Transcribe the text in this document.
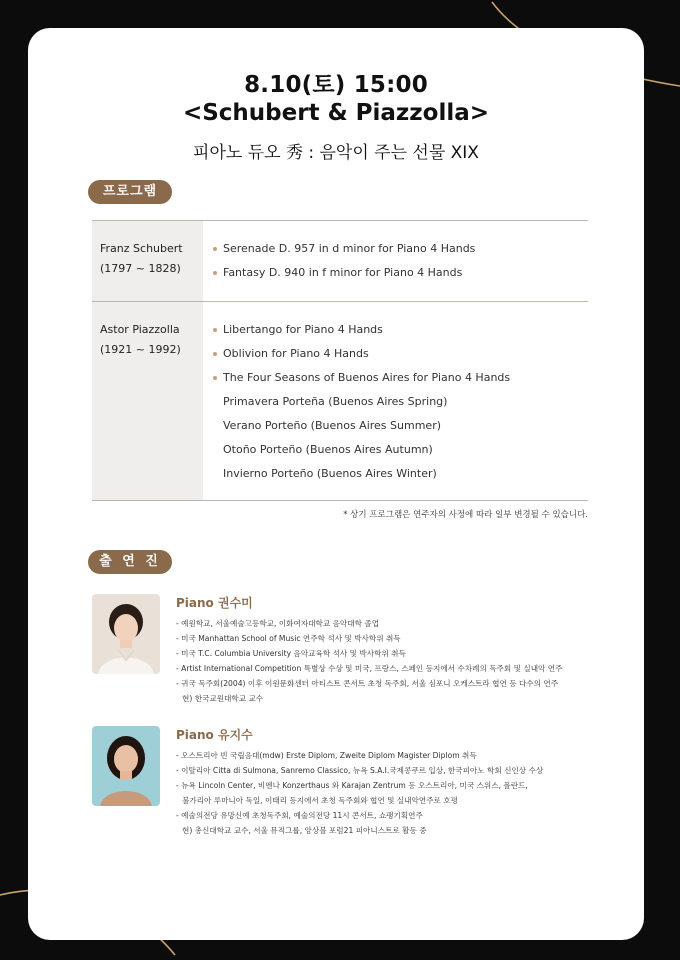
8.10(토) 15:00
<Schubert & Piazzolla>
피아노 듀오 秀 : 음악이 주는 선물 XIX
프로그램
Franz Schubert
(1797 ~ 1828)
Serenade D. 957 in d minor for Piano 4 Hands
Fantasy D. 940 in f minor for Piano 4 Hands
Astor Piazzolla
(1921 ~ 1992)
Libertango for Piano 4 Hands
Oblivion for Piano 4 Hands
The Four Seasons of Buenos Aires for Piano 4 Hands
Primavera Porteña (Buenos Aires Spring)
Verano Porteño (Buenos Aires Summer)
Otoño Porteño (Buenos Aires Autumn)
Invierno Porteño (Buenos Aires Winter)
* 상기 프로그램은 연주자의 사정에 따라 일부 변경될 수 있습니다.
출 연 진
Piano 권수미
- 예원학교, 서울예술고등학교, 이화여자대학교 음악대학 졸업
- 미국 Manhattan School of Music 연주학 석사 및 박사학위 취득
- 미국 T.C. Columbia University 음악교육학 석사 및 박사학위 취득
- Artist International Competition 특별상 수상 및 미국, 프랑스, 스페인 등지에서 수차례의 독주회 및 실내악 연주
- 귀국 독주회(2004) 이후 이원문화센터 아티스트 콘서트 초청 독주회, 서울 심포니 오케스트라 협연 등 다수의 연주
현) 한국교원대학교 교수
Piano 유지수
- 오스트리아 빈 국립음대(mdw) Erste Diplom, Zweite Diplom Magister Diplom 취득
- 이탈리아 Citta di Sulmona, Sanremo Classico, 뉴욕 S.A.I.국제콩쿠르 입상, 한국피아노 학회 신인상 수상
- 뉴욕 Lincoln Center, 비엔나 Konzerthaus 와 Karajan Zentrum 등 오스트리아, 미국 스위스, 폴란드,
불가리아 루마니아 독일, 이태리 등지에서 초청 독주회와 협연 및 실내악연주로 호평
- 예술의전당 유망신예 초청독주회, 예술의전당 11시 콘서트, 쇼팽기획연주
현) 총신대학교 교수, 서울 뮤직그룹, 앙상블 포럼21 피아니스트로 활동 중
